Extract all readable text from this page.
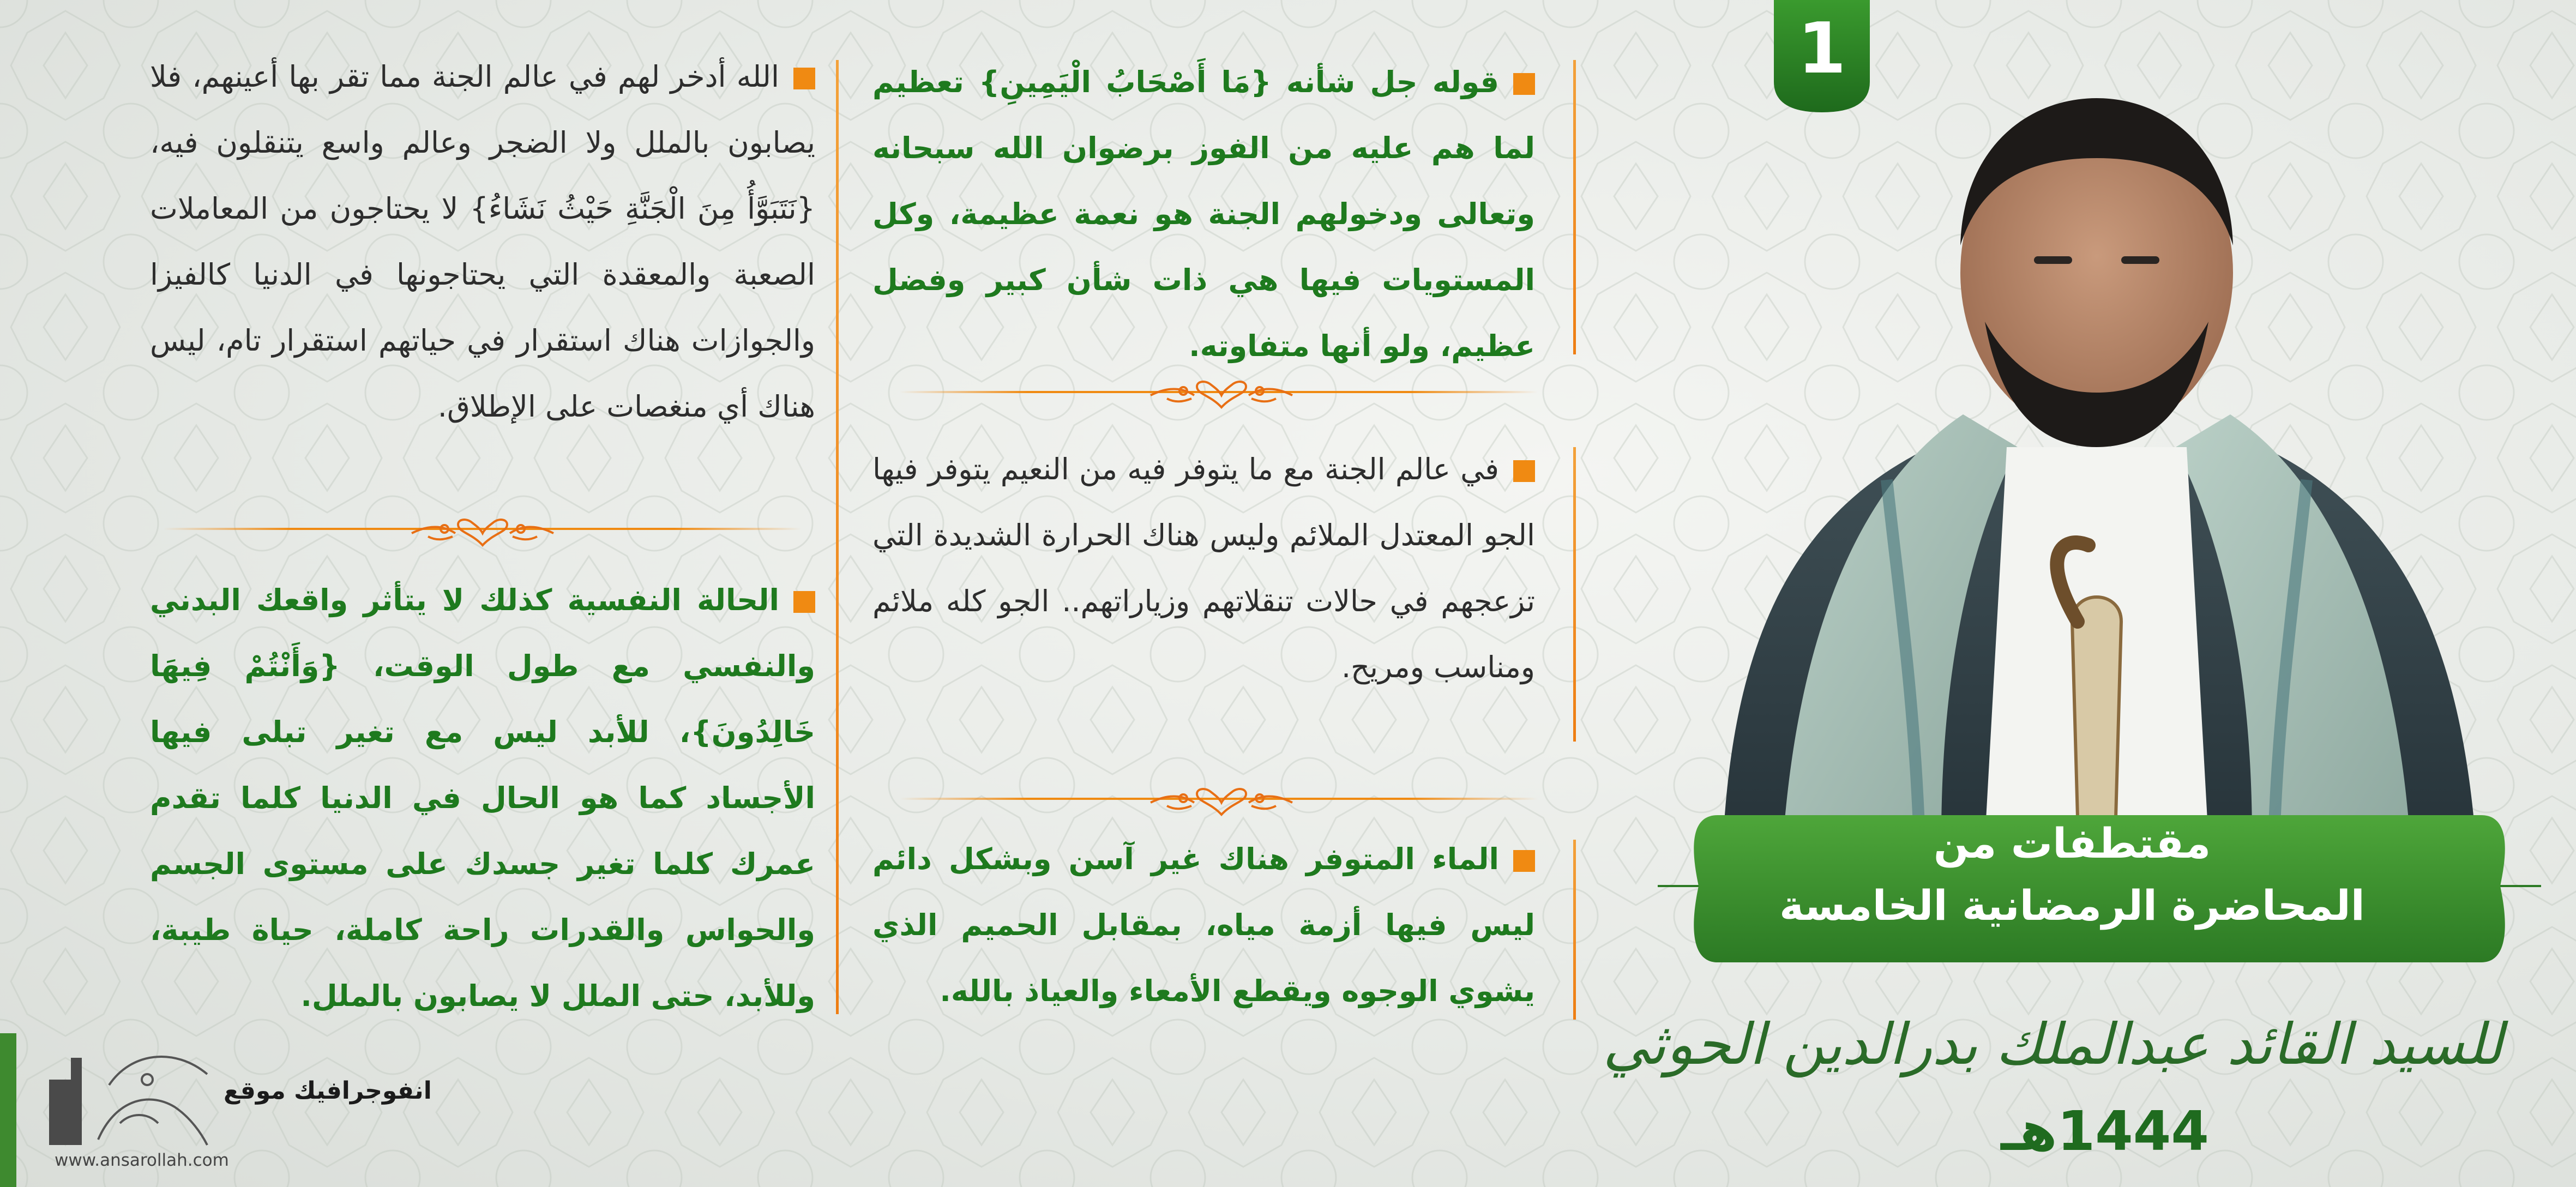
1

قوله جل شأنه {مَا أَصْحَابُ الْيَمِينِ} تعظيم لما هم عليه من الفوز برضوان الله سبحانه وتعالى ودخولهم الجنة هو نعمة عظيمة، وكل المستويات فيها هي ذات شأن كبير وفضل عظيم، ولو أنها متفاوته.

في عالم الجنة مع ما يتوفر فيه من النعيم يتوفر فيها الجو المعتدل الملائم وليس هناك الحرارة الشديدة التي تزعجهم في حالات تنقلاتهم وزياراتهم.. الجو كله ملائم ومناسب ومريح.

الماء المتوفر هناك غير آسن وبشكل دائم ليس فيها أزمة مياه، بمقابل الحميم الذي يشوي الوجوه ويقطع الأمعاء والعياذ بالله.

الله أدخر لهم في عالم الجنة مما تقر بها أعينهم، فلا يصابون بالملل ولا الضجر وعالم واسع يتنقلون فيه، {نَتَبَوَّأُ مِنَ الْجَنَّةِ حَيْثُ نَشَاءُ} لا يحتاجون من المعاملات الصعبة والمعقدة التي يحتاجونها في الدنيا كالفيزا والجوازات هناك استقرار في حياتهم استقرار تام، ليس هناك أي منغصات على الإطلاق.

الحالة النفسية كذلك لا يتأثر واقعك البدني والنفسي مع طول الوقت، {وَأَنْتُمْ فِيهَا خَالِدُونَ}، للأبد ليس مع تغير تبلى فيها الأجساد كما هو الحال في الدنيا كلما تقدم عمرك كلما تغير جسدك على مستوى الجسم والحواس والقدرات راحة كاملة، حياة طيبة، وللأبد، حتى الملل لا يصابون بالملل.

مقتطفات من
المحاضرة الرمضانية الخامسة
للسيد القائد عبدالملك بدرالدين الحوثي
1444هـ
انفوجرافيك موقع
www.ansarollah.com
